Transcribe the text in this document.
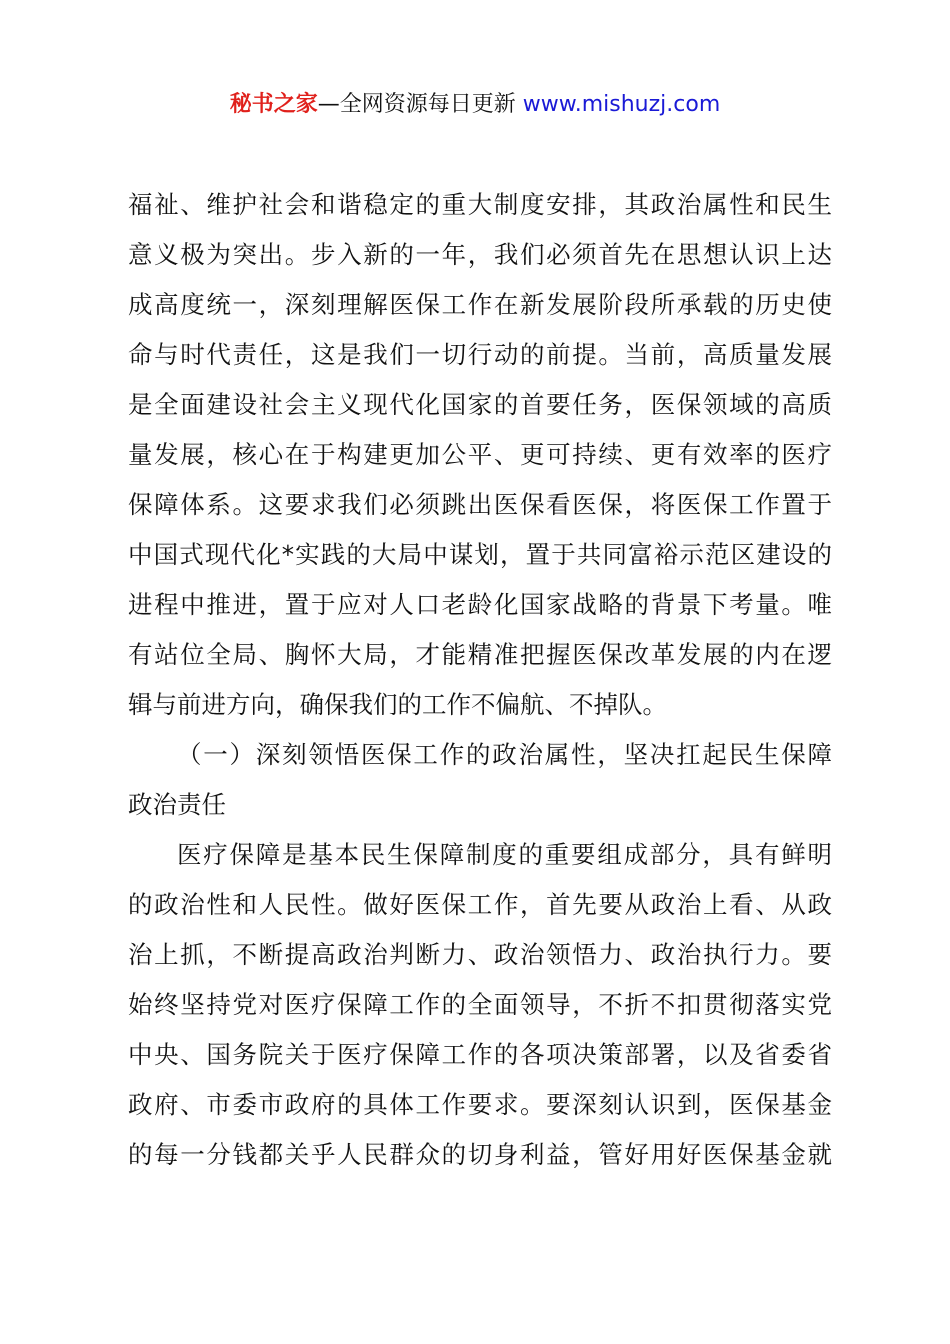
秘书之家—全网资源每日更新 www.mishuzj.com
福祉、维护社会和谐稳定的重大制度安排，其政治属性和民生
意义极为突出。步入新的一年，我们必须首先在思想认识上达
成高度统一，深刻理解医保工作在新发展阶段所承载的历史使
命与时代责任，这是我们一切行动的前提。当前，高质量发展
是全面建设社会主义现代化国家的首要任务，医保领域的高质
量发展，核心在于构建更加公平、更可持续、更有效率的医疗
保障体系。这要求我们必须跳出医保看医保，将医保工作置于
中国式现代化*实践的大局中谋划，置于共同富裕示范区建设的
进程中推进，置于应对人口老龄化国家战略的背景下考量。唯
有站位全局、胸怀大局，才能精准把握医保改革发展的内在逻
辑与前进方向，确保我们的工作不偏航、不掉队。
（一）深刻领悟医保工作的政治属性，坚决扛起民生保障
政治责任
医疗保障是基本民生保障制度的重要组成部分，具有鲜明
的政治性和人民性。做好医保工作，首先要从政治上看、从政
治上抓，不断提高政治判断力、政治领悟力、政治执行力。要
始终坚持党对医疗保障工作的全面领导，不折不扣贯彻落实党
中央、国务院关于医疗保障工作的各项决策部署，以及省委省
政府、市委市政府的具体工作要求。要深刻认识到，医保基金
的每一分钱都关乎人民群众的切身利益，管好用好医保基金就
